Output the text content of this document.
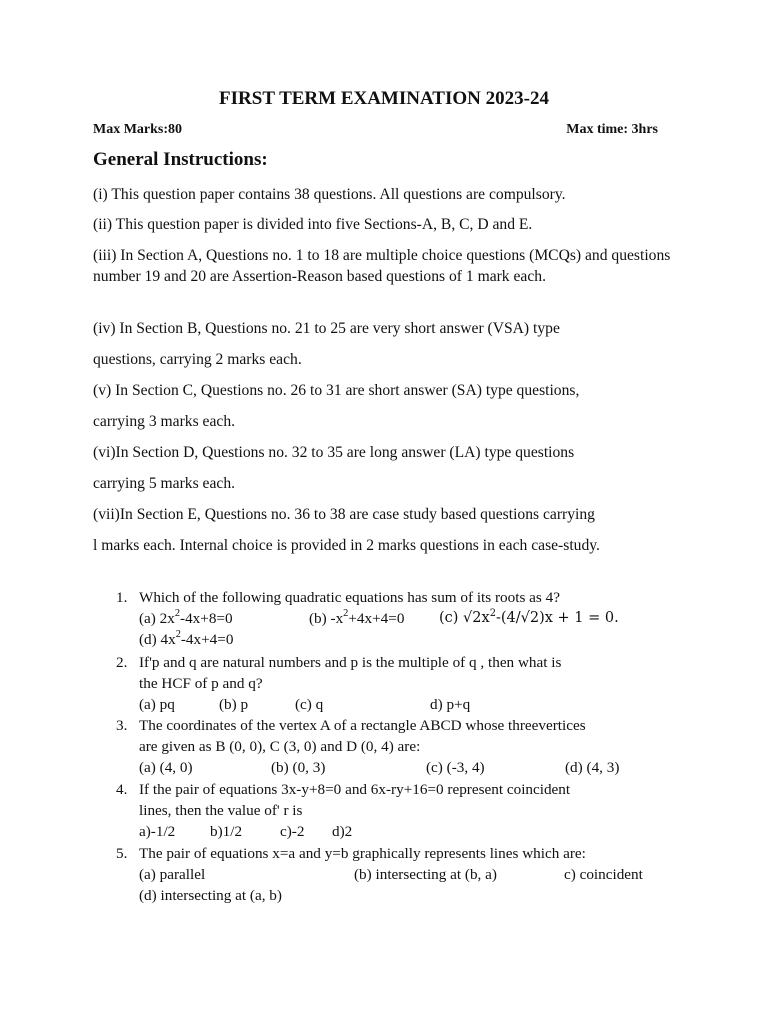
FIRST TERM EXAMINATION 2023-24
Max Marks:80	Max time: 3hrs
General Instructions:
(i) This question paper contains 38 questions. All questions are compulsory.
(ii) This question paper is divided into five Sections-A, B, C, D and E.
(iii) In Section A, Questions no. 1 to 18 are multiple choice questions (MCQs) and questions number 19 and 20 are Assertion-Reason based questions of 1 mark each.
(iv) In Section B, Questions no. 21 to 25 are very short answer (VSA) type
questions, carrying 2 marks each.
(v) In Section C, Questions no. 26 to 31 are short answer (SA) type questions,
carrying 3 marks each.
(vi)In Section D, Questions no. 32 to 35 are long answer (LA) type questions
carrying 5 marks each.
(vii)In Section E, Questions no. 36 to 38 are case study based questions carrying
l marks each. Internal choice is provided in 2 marks questions in each case-study.
1. Which of the following quadratic equations has sum of its roots as 4?
(a) $2x^2-4x+8=0$	(b) $-x^2+4x+4=0$ (c) $√2x^2-(4/√2)x + 1 = 0$.
(d) $4x^2-4x+4=0$
2. If'p and q are natural numbers and p is the multiple of q , then what is
the HCF of p and q?
(a) pq	(b) p	(c) q	d) p+q
3. The coordinates of the vertex A of a rectangle ABCD whose threevertices
are given as B (0, 0), C (3, 0) and D (0, 4) are:
(a) (4, 0)	(b) (0, 3)	(c) (-3, 4)	(d) (4, 3)
4. If the pair of equations 3x-y+8=0 and 6x-ry+16=0 represent coincident
lines, then the value of' r is
a)-1/2 b)1/2 c)-2 d)2
5. The pair of equations x=a and y=b graphically represents lines which are:
(a) parallel	(b) intersecting at (b, a)	c) coincident
(d) intersecting at (a, b)
